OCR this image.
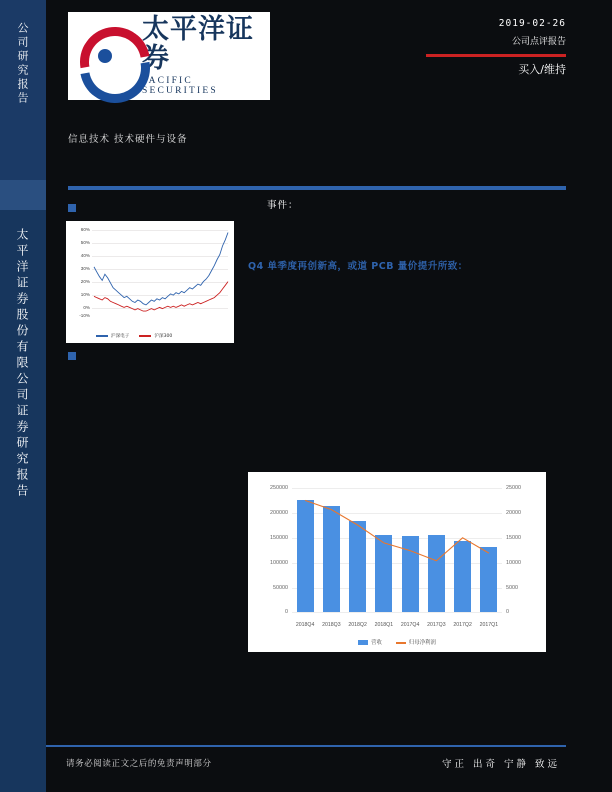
公司研究报告
太平洋证券股份有限公司证券研究报告
太平洋证券
PACIFIC SECURITIES
2019-02-26
公司点评报告
买入/维持
信息技术 技术硬件与设备
事件：
Q4 单季度再创新高，或道 PCB 量价提升所致：
60%
50%
40%
30%
20%
10%
0%
-10%
沪深电子	沪深300
250000
200000
150000
100000
50000
0
25000
20000
15000
10000
5000
0
2018Q4	2018Q3	2018Q2	2018Q1	2017Q4	2017Q3	2017Q2	2017Q1
营收	归母净利润
请务必阅读正文之后的免责声明部分	守正 出奇 宁静 致远
